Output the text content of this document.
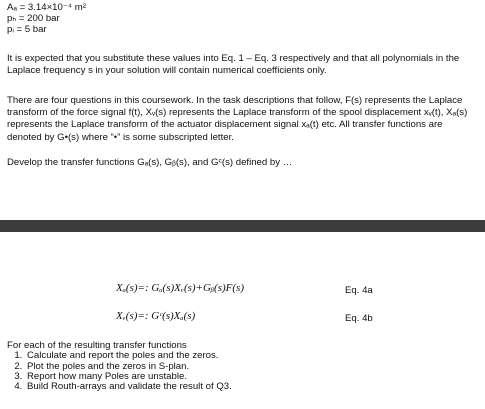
Aₐ = 3.14×10⁻⁴ m²
pₕ = 200 bar
pᵢ = 5 bar

It is expected that you substitute these values into Eq. 1 – Eq. 3 respectively and that all polynomials in the Laplace frequency s in your solution will contain numerical coefficients only.

There are four questions in this coursework. In the task descriptions that follow, F(s) represents the Laplace transform of the force signal f(t), Xᵥ(s) represents the Laplace transform of the spool displacement xᵥ(t), Xₐ(s) represents the Laplace transform of the actuator displacement signal xₐ(t) etc. All transfer functions are denoted by G•(s) where “•” is some subscripted letter.

Develop the transfer functions Gₐ(s), Gᵦ(s), and Gᶜ(s) defined by …

Xₐ(s)=: Gₐ(s)Xᵥ(s)+Gᵦ(s)F(s)	Eq. 4a
Xᵥ(s)=: Gᶜ(s)Xₐ(s)	Eq. 4b
For each of the resulting transfer functions
1. Calculate and report the poles and the zeros.
2. Plot the poles and the zeros in S-plan.
3. Report how many Poles are unstable.
4. Build Routh-arrays and validate the result of Q3.
